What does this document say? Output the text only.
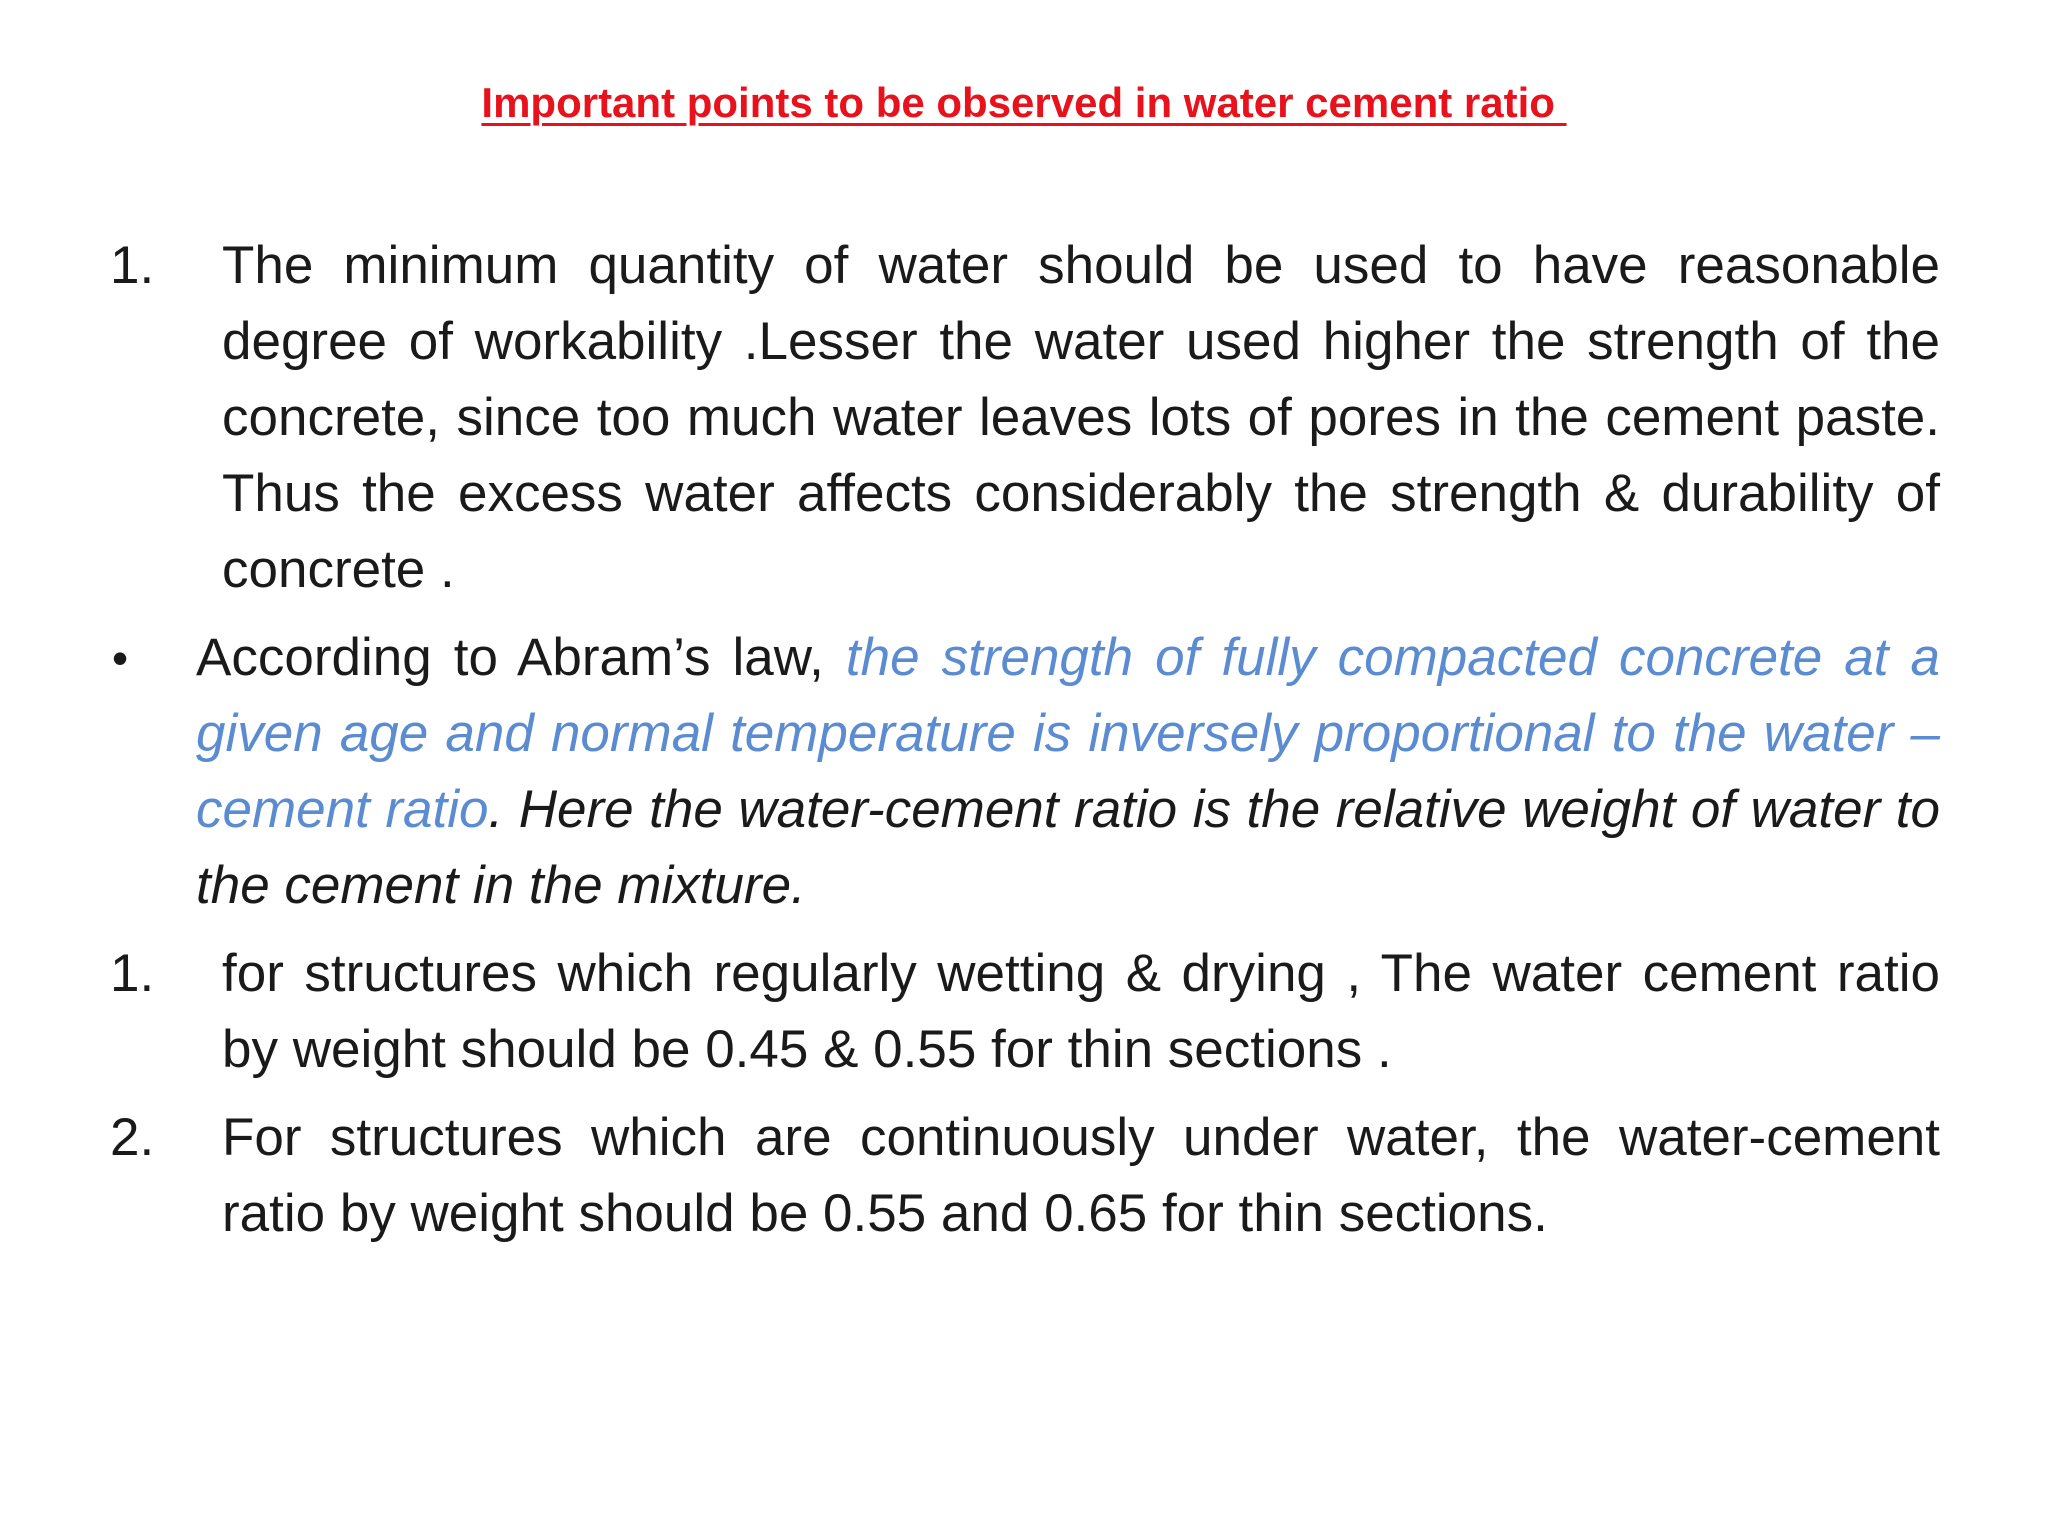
Important points to be observed in water cement ratio
1. The minimum quantity of water should be used to have reasonable degree of workability .Lesser the water used higher the strength of the concrete, since too much water leaves lots of pores in the cement paste.  Thus the excess water affects considerably the strength & durability of concrete .
• According to Abram’s law, the strength of fully compacted concrete at a given age and normal temperature is inversely proportional to the water –cement ratio. Here the water-cement ratio is the relative weight of water to the cement in the mixture.
1. for structures which regularly wetting & drying , The water cement ratio  by weight should be 0.45 & 0.55 for thin sections .
2. For structures which are continuously under water, the water-cement ratio by weight should be 0.55 and 0.65 for thin sections.
